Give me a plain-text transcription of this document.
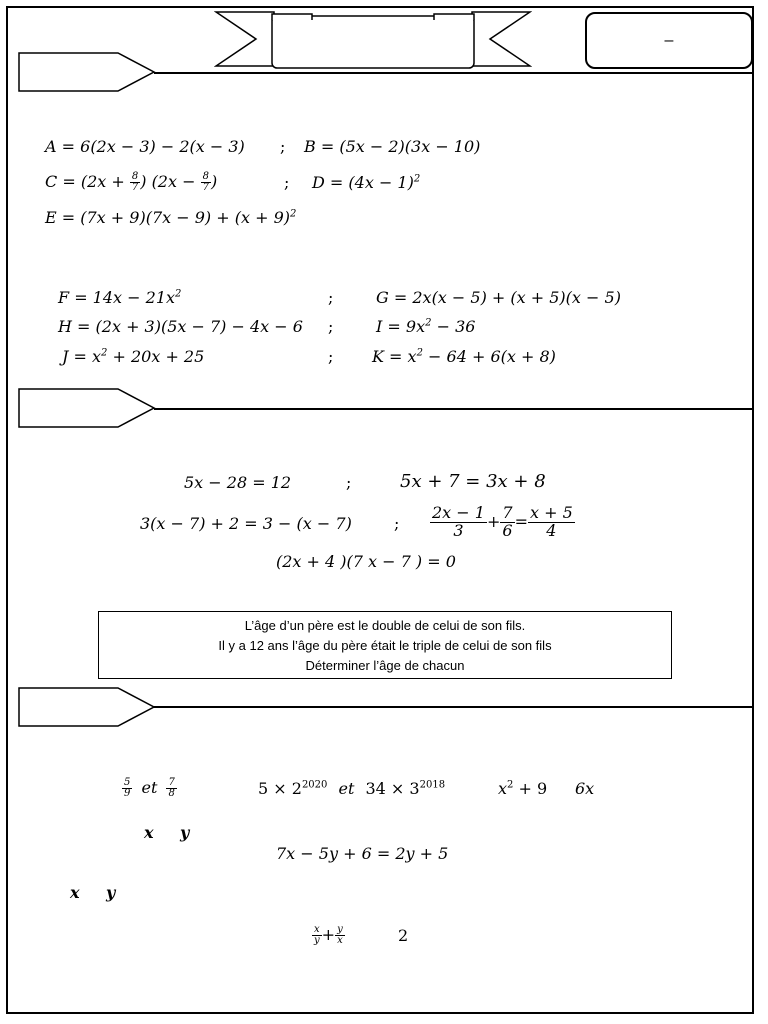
–
A = 6(2x − 3) − 2(x − 3) ; B = (5x − 2)(3x − 10)
$C = (2x + \frac{8}{7}$ ) ($2x - \frac{8}{7}$ )	; $D = (4x - 1)^2$
$E = (7x + 9)(7x - 9) + (x + 9)^2$
$F = 14x - 21x^2$	;	G = 2x(x − 5) + (x + 5)(x − 5)
H = (2x + 3)(5x − 7) − 4x − 6 ;	$I = 9x^2 - 36$
$J = x^2 + 20x + 25$	; $K = x^2 - 64 + 6(x + 8)$
5x − 28 = 12	;	5x + 7 = 3x + 8
3(x − 7) + 2 = 3 − (x − 7)	; $\frac{2x - 1}{3} + \frac{7}{6} = \frac{x + 5}{4}$
(2x + 4 )(7 x − 7 ) = 0
L’âge d’un père est le double de celui de son fils.
Il y a 12 ans l’âge du père était le triple de celui de son fils
Déterminer l’âge de chacun
$\frac{5}{9}$ et $\frac{7}{8}$	$5 \times 2^{2020}$ et $34 \times 3^{2018}$	$x^2 + 9$ 6x
x y
7x − 5y + 6 = 2y + 5
x y
$\frac{x}{y} + \frac{y}{x}$	2
